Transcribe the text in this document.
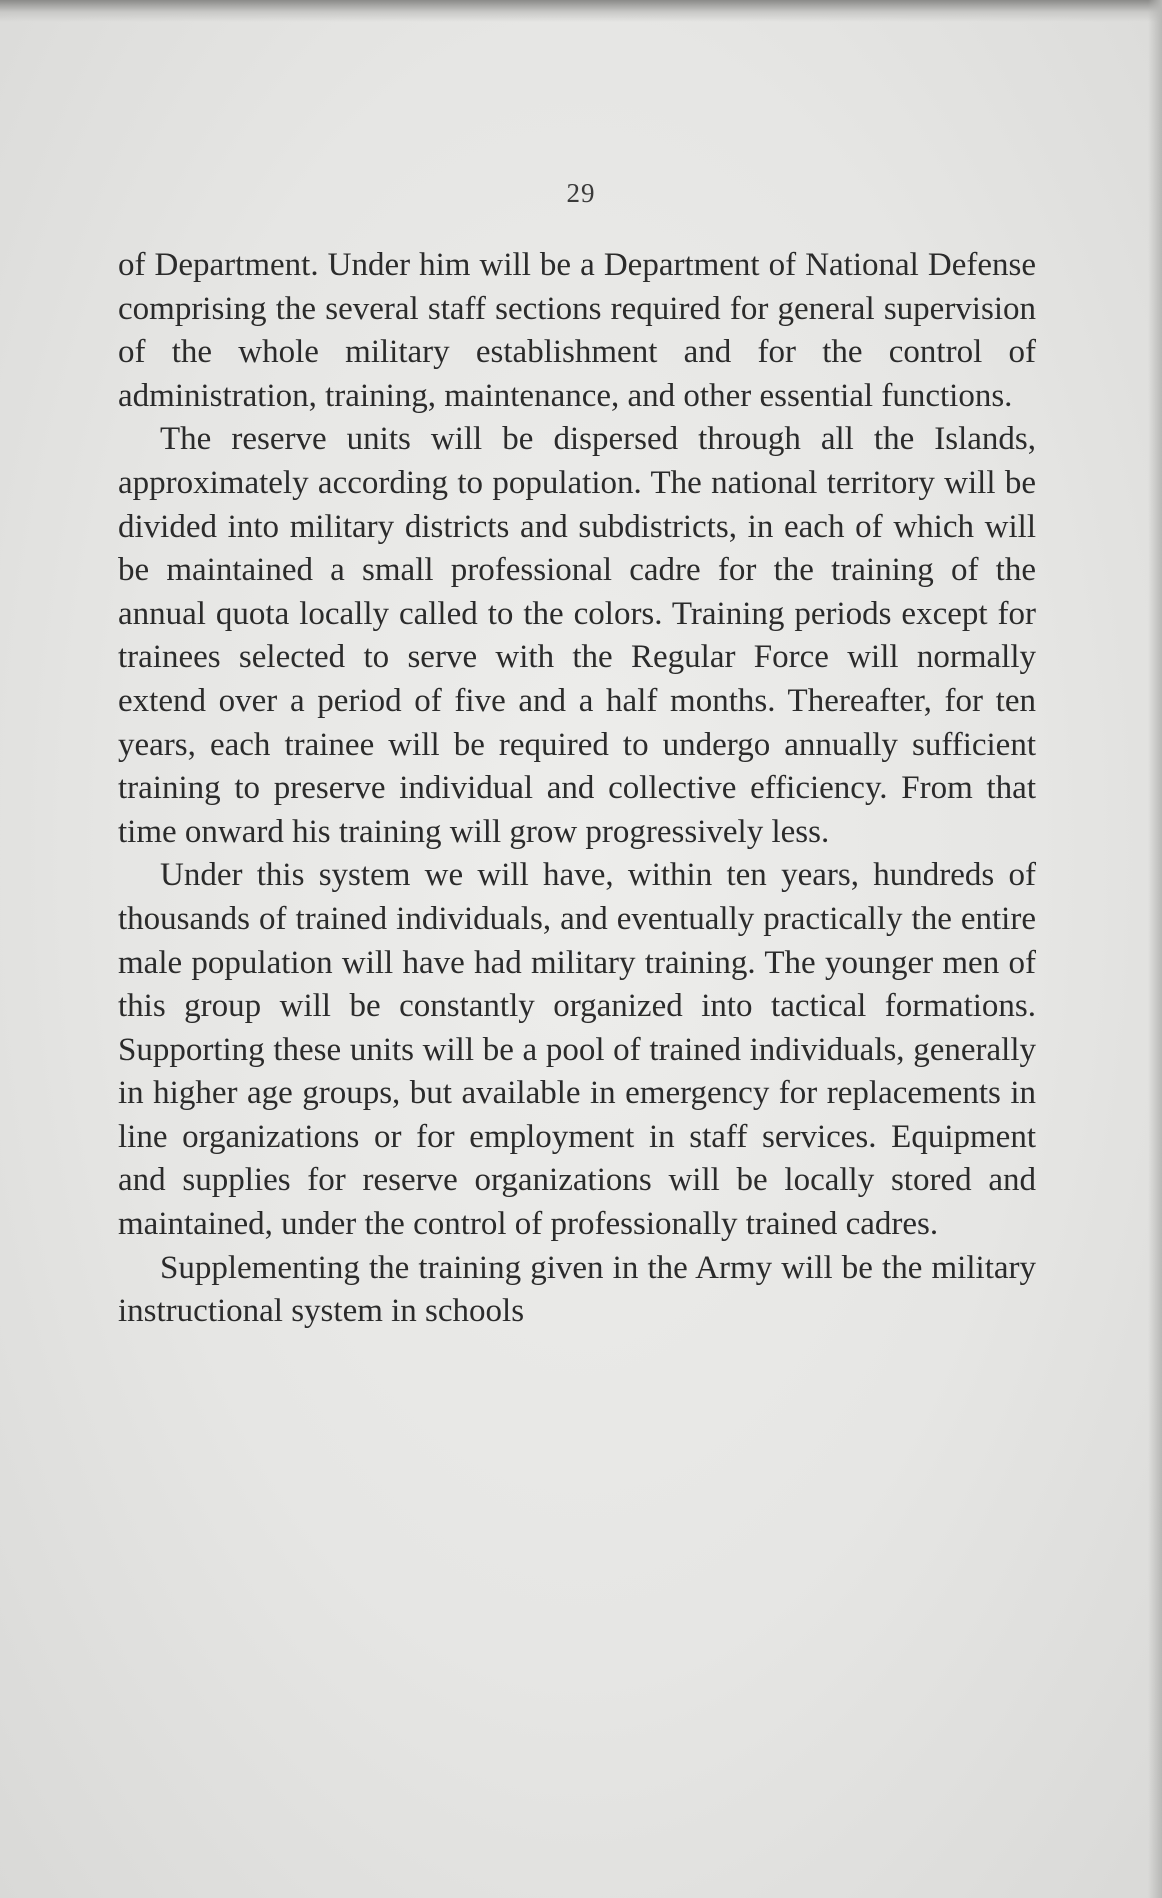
29

of Department. Under him will be a Department of National Defense comprising the several staff sections required for general supervision of the whole military establishment and for the control of administration, training, maintenance, and other essential functions.

The reserve units will be dispersed through all the Islands, approximately according to population. The national territory will be divided into military districts and subdistricts, in each of which will be maintained a small professional cadre for the training of the annual quota locally called to the colors. Training periods except for trainees selected to serve with the Regular Force will normally extend over a period of five and a half months. Thereafter, for ten years, each trainee will be required to undergo annually sufficient training to preserve individual and collective efficiency. From that time onward his training will grow progressively less.

Under this system we will have, within ten years, hundreds of thousands of trained individuals, and eventually practically the entire male population will have had military training. The younger men of this group will be constantly organized into tactical formations. Supporting these units will be a pool of trained individuals, generally in higher age groups, but available in emergency for replacements in line organizations or for employment in staff services. Equipment and supplies for reserve organizations will be locally stored and maintained, under the control of professionally trained cadres.

Supplementing the training given in the Army will be the military instructional system in schools
